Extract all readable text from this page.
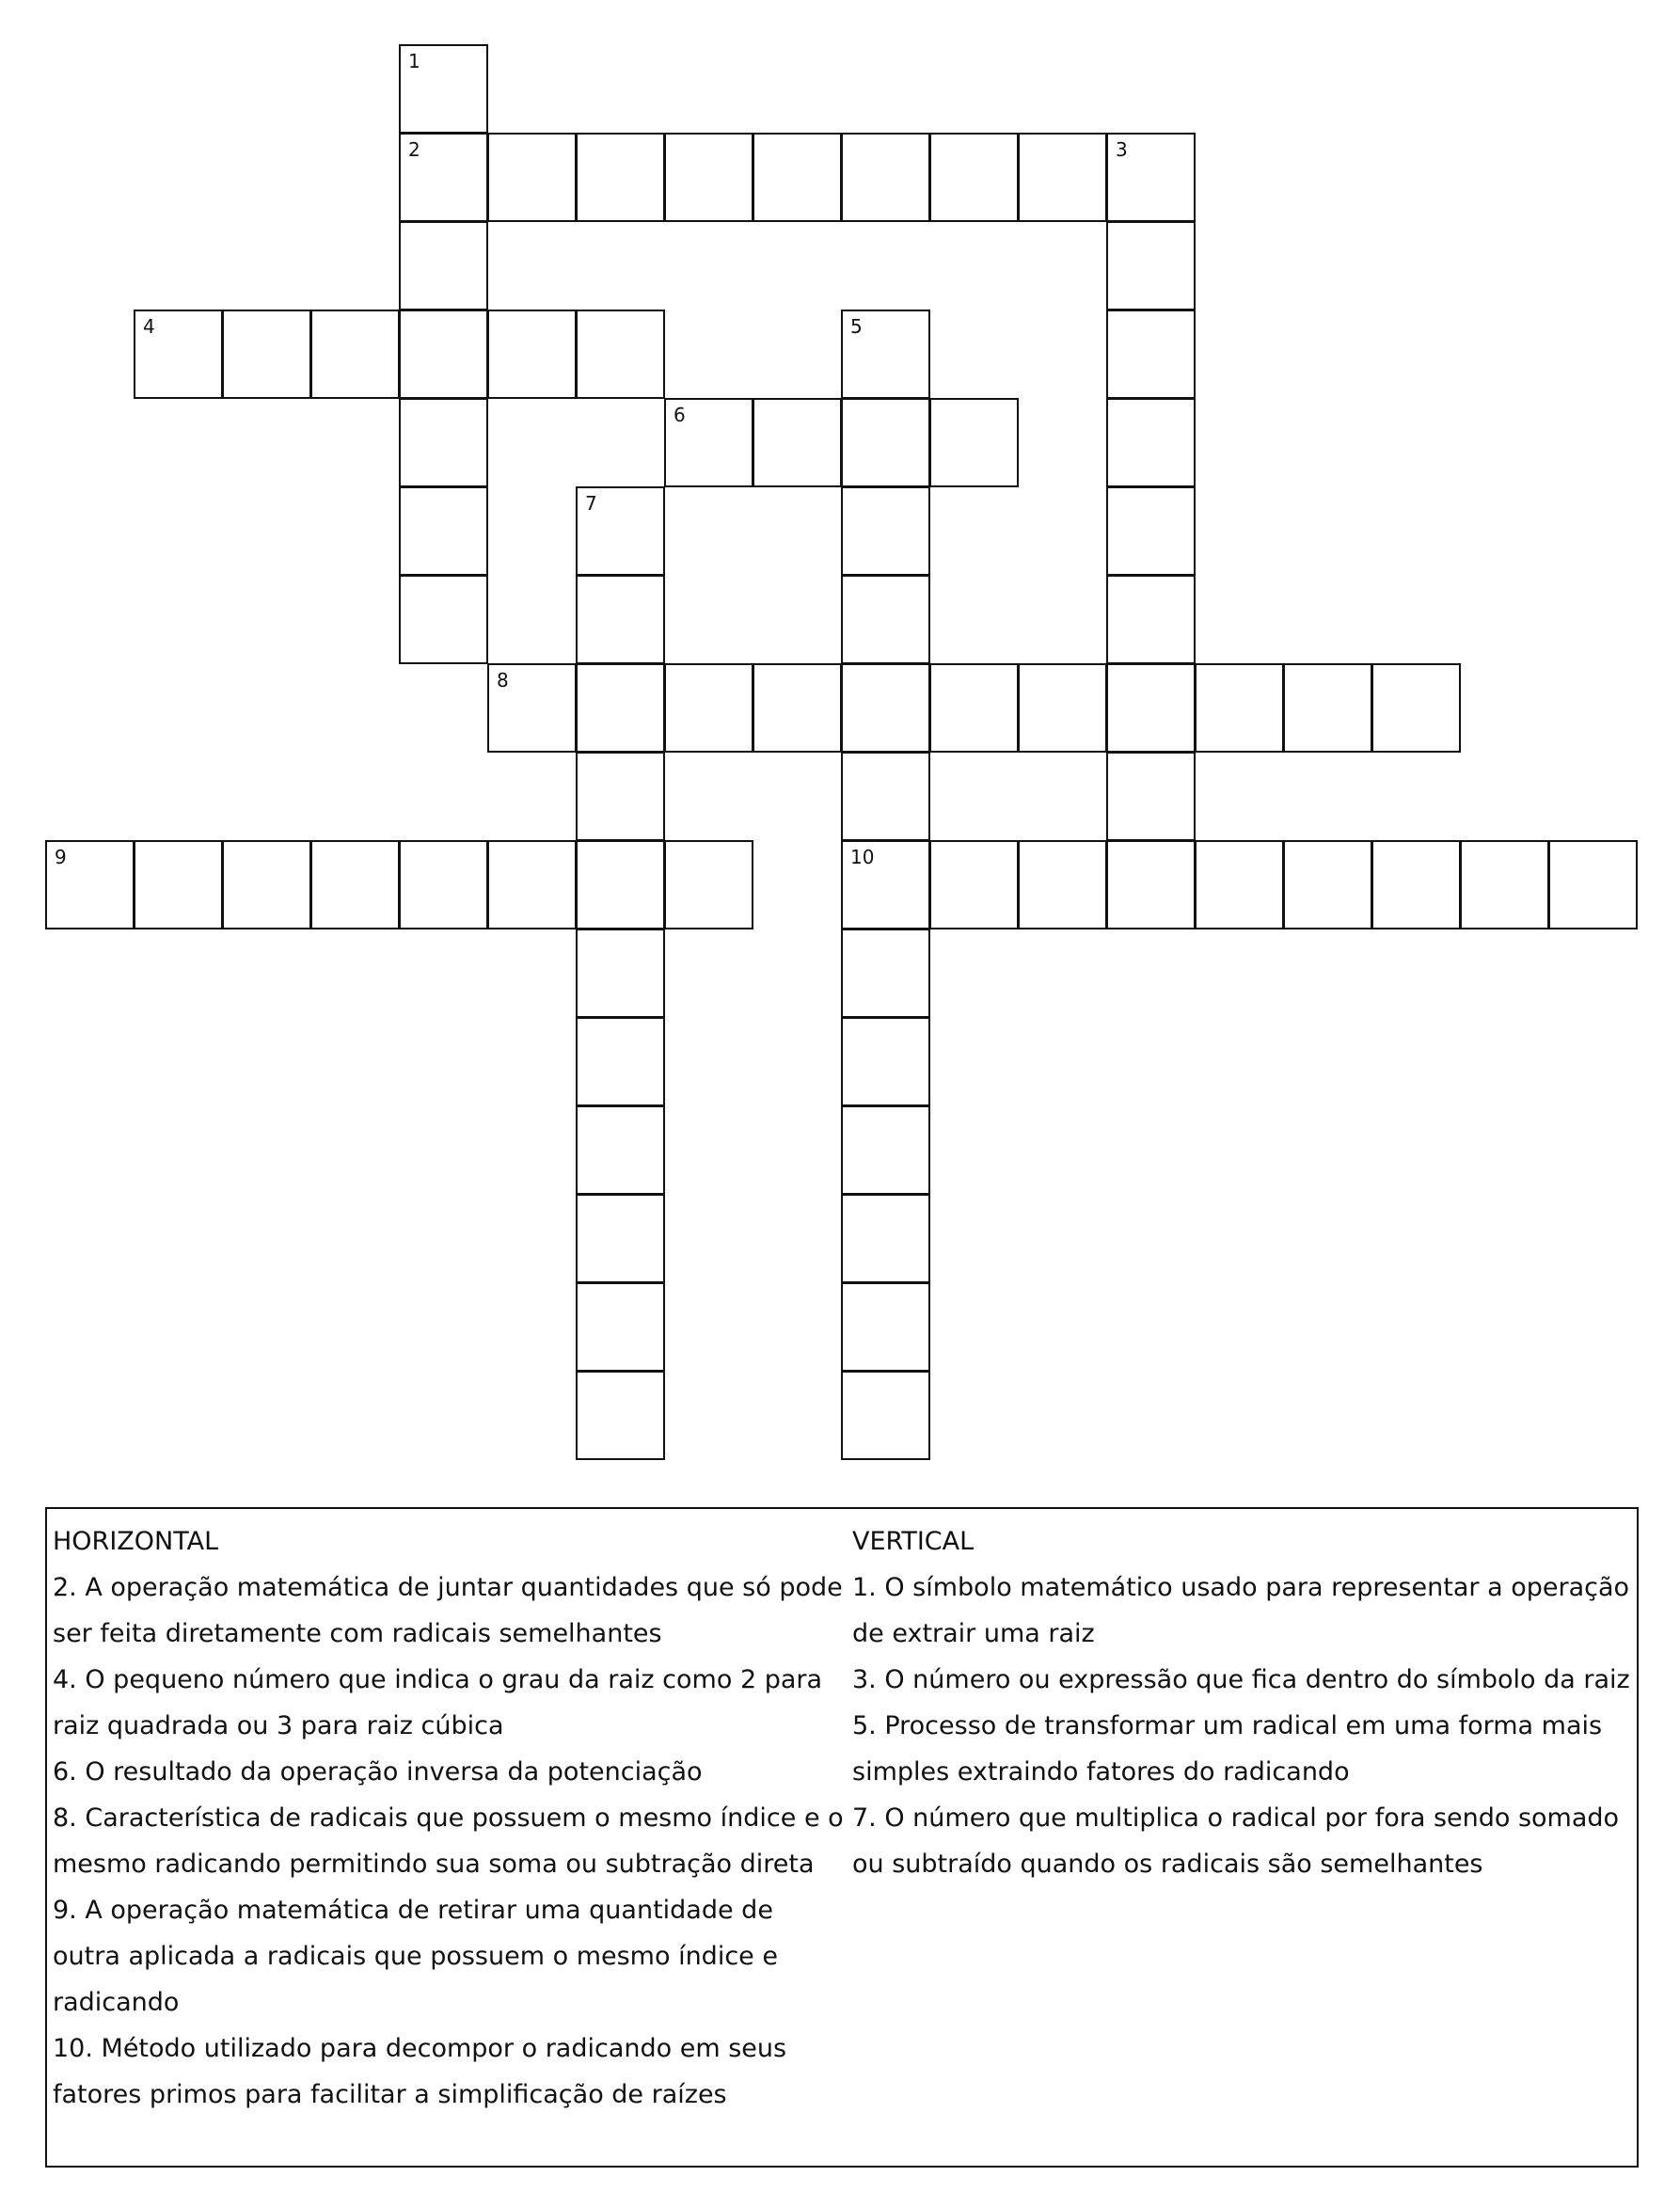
1
2	3
4	5
6
7
8
9	10
HORIZONTAL
2. A operação matemática de juntar quantidades que só pode ser feita diretamente com radicais semelhantes
4. O pequeno número que indica o grau da raiz como 2 para raiz quadrada ou 3 para raiz cúbica
6. O resultado da operação inversa da potenciação
8. Característica de radicais que possuem o mesmo índice e o mesmo radicando permitindo sua soma ou subtração direta
9. A operação matemática de retirar uma quantidade de outra aplicada a radicais que possuem o mesmo índice e radicando
10. Método utilizado para decompor o radicando em seus fatores primos para facilitar a simplificação de raízes
VERTICAL
1. O símbolo matemático usado para representar a operação de extrair uma raiz
3. O número ou expressão que fica dentro do símbolo da raiz
5. Processo de transformar um radical em uma forma mais simples extraindo fatores do radicando
7. O número que multiplica o radical por fora sendo somado ou subtraído quando os radicais são semelhantes
